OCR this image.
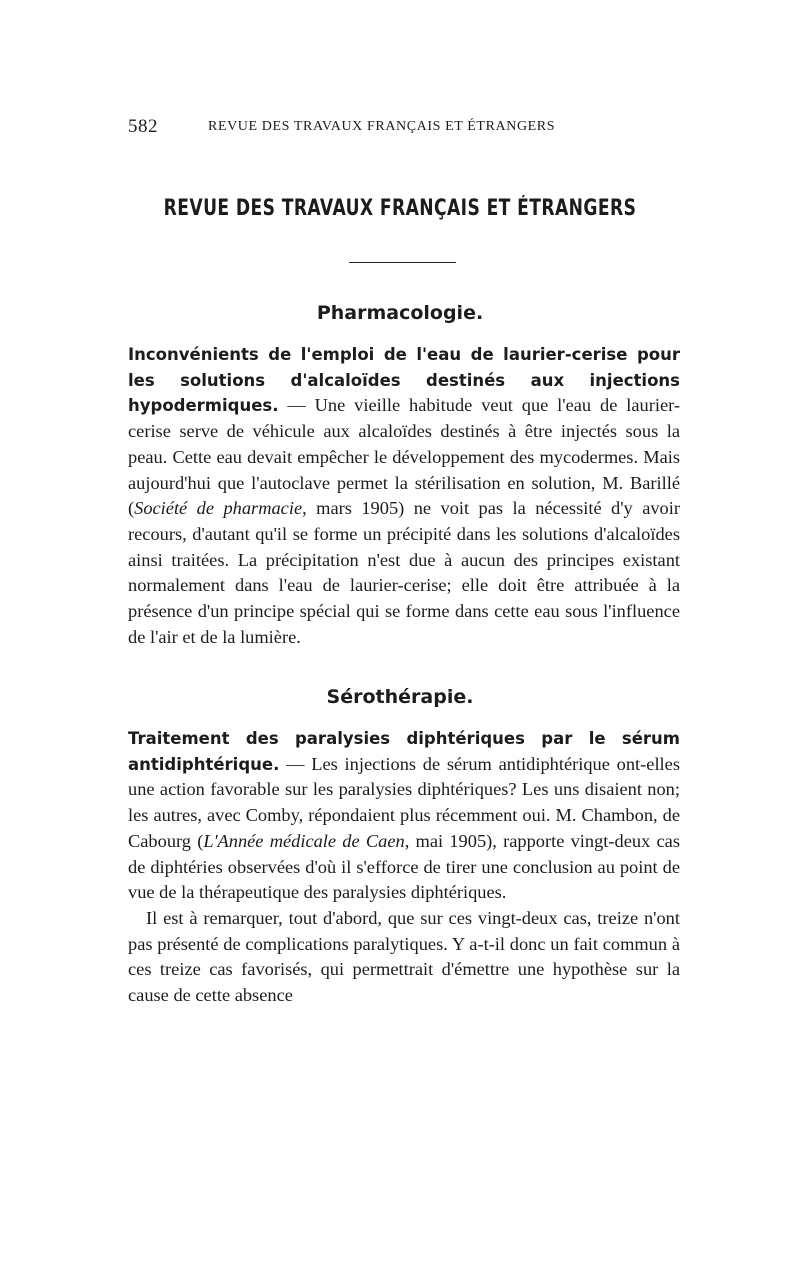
582	REVUE DES TRAVAUX FRANÇAIS ET ÉTRANGERS
REVUE DES TRAVAUX FRANÇAIS ET ÉTRANGERS
Pharmacologie.

Inconvénients de l'emploi de l'eau de laurier-cerise pour les solutions d'alcaloïdes destinés aux injections hypodermiques. — Une vieille habitude veut que l'eau de laurier-cerise serve de véhicule aux alcaloïdes destinés à être injectés sous la peau. Cette eau devait empêcher le développement des mycodermes. Mais aujourd'hui que l'autoclave permet la stérilisation en solution, M. Barillé (Société de pharmacie, mars 1905) ne voit pas la nécessité d'y avoir recours, d'autant qu'il se forme un précipité dans les solutions d'alcaloïdes ainsi traitées. La précipitation n'est due à aucun des principes existant normalement dans l'eau de laurier-cerise; elle doit être attribuée à la présence d'un principe spécial qui se forme dans cette eau sous l'influence de l'air et de la lumière.

Sérothérapie.

Traitement des paralysies diphtériques par le sérum antidiphtérique. — Les injections de sérum antidiphtérique ont-elles une action favorable sur les paralysies diphtériques? Les uns disaient non; les autres, avec Comby, répondaient plus récemment oui. M. Chambon, de Cabourg (L'Année médicale de Caen, mai 1905), rapporte vingt-deux cas de diphtéries observées d'où il s'efforce de tirer une conclusion au point de vue de la thérapeutique des paralysies diphtériques.

Il est à remarquer, tout d'abord, que sur ces vingt-deux cas, treize n'ont pas présenté de complications paralytiques. Y a-t-il donc un fait commun à ces treize cas favorisés, qui permettrait d'émettre une hypothèse sur la cause de cette absence
